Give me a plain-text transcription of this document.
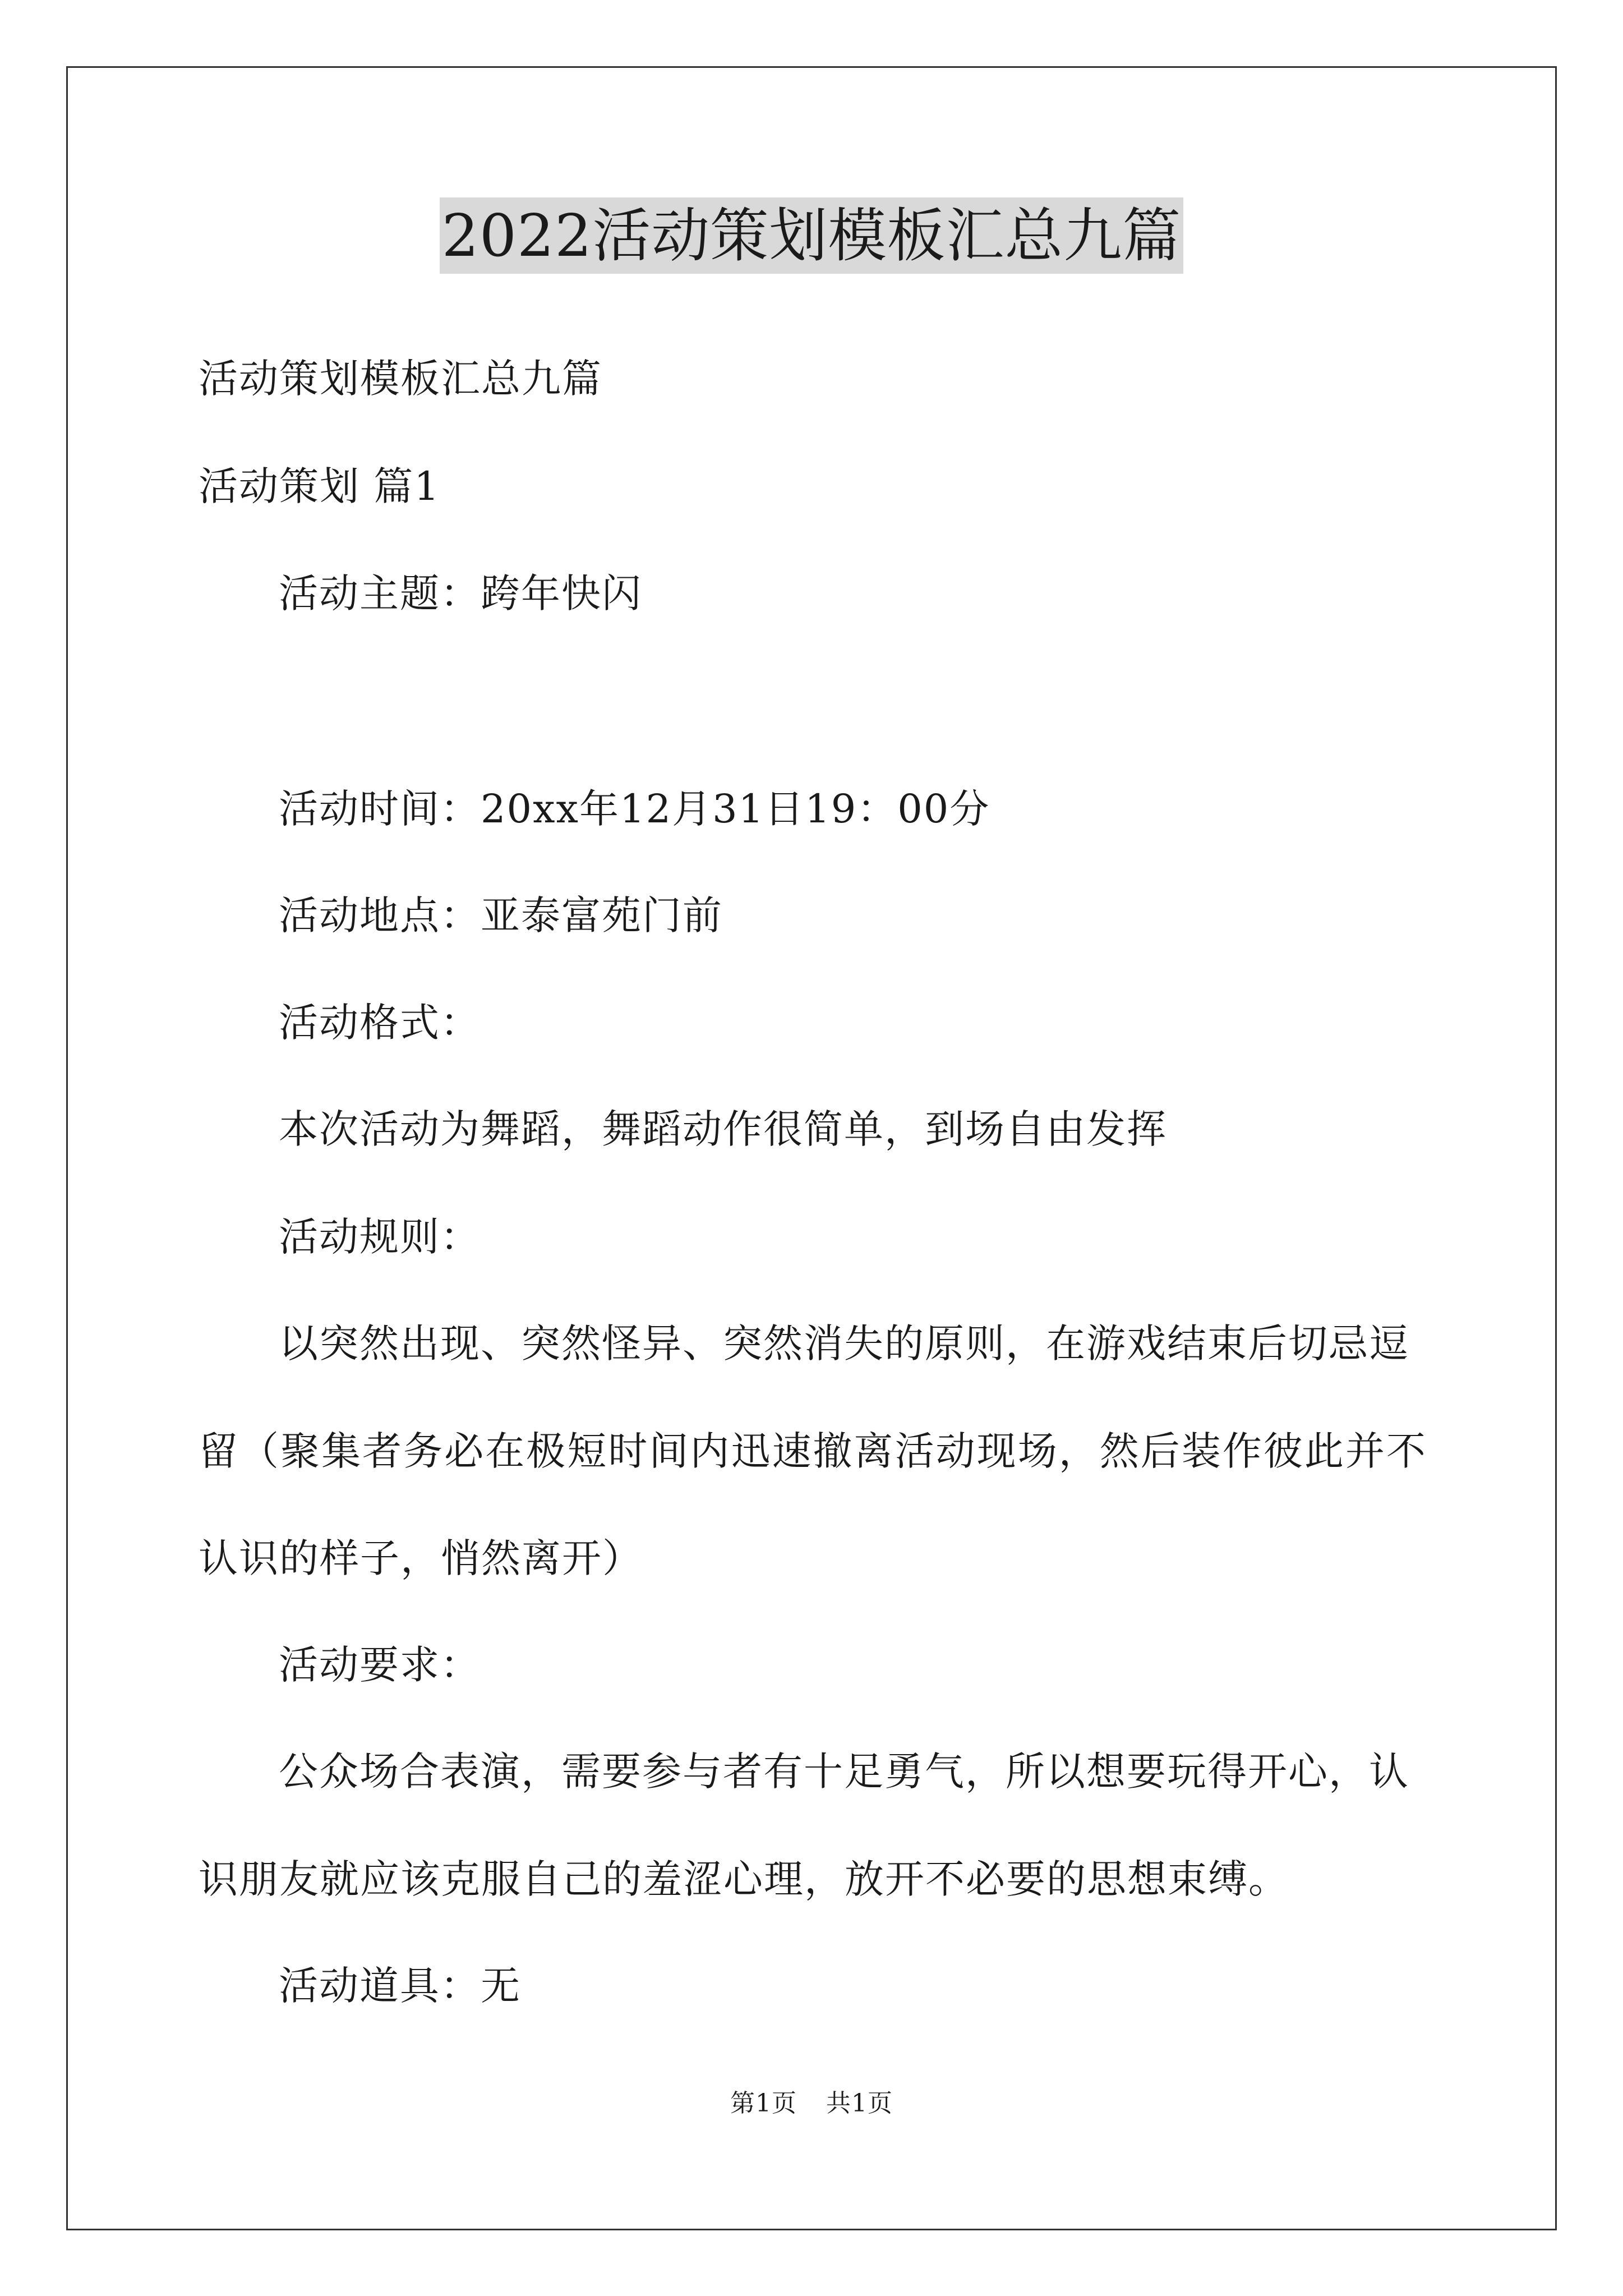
2022活动策划模板汇总九篇
活动策划模板汇总九篇
活动策划 篇1
活动主题：跨年快闪
活动时间：20xx年12月31日19：00分
活动地点：亚泰富苑门前
活动格式：
本次活动为舞蹈，舞蹈动作很简单，到场自由发挥
活动规则：
以突然出现、突然怪异、突然消失的原则，在游戏结束后切忌逗
留（聚集者务必在极短时间内迅速撤离活动现场，然后装作彼此并不
认识的样子，悄然离开）
活动要求：
公众场合表演，需要参与者有十足勇气，所以想要玩得开心，认
识朋友就应该克服自己的羞涩心理，放开不必要的思想束缚。
活动道具：无
第1页 共1页
